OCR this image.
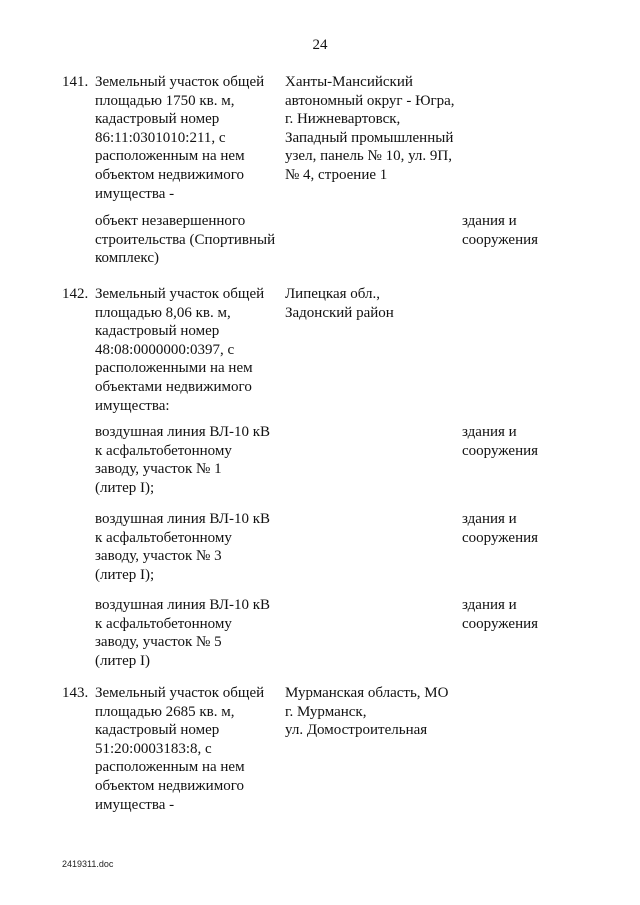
24
141. Земельный участок общей
площадью 1750 кв. м,
кадастровый номер
86:11:0301010:211, с
расположенным на нем
объектом недвижимого
имущества -
Ханты-Мансийский
автономный округ - Югра,
г. Нижневартовск,
Западный промышленный
узел, панель № 10, ул. 9П,
№ 4, строение 1
объект незавершенного
строительства (Спортивный
комплекс)
здания и
сооружения
142. Земельный участок общей
площадью 8,06 кв. м,
кадастровый номер
48:08:0000000:0397, с
расположенными на нем
объектами недвижимого
имущества:
Липецкая обл.,
Задонский район
воздушная линия ВЛ-10 кВ
к асфальтобетонному
заводу, участок № 1
(литер I);
здания и
сооружения
воздушная линия ВЛ-10 кВ
к асфальтобетонному
заводу, участок № 3
(литер I);
здания и
сооружения
воздушная линия ВЛ-10 кВ
к асфальтобетонному
заводу, участок № 5
(литер I)
здания и
сооружения
143. Земельный участок общей
площадью 2685 кв. м,
кадастровый номер
51:20:0003183:8, с
расположенным на нем
объектом недвижимого
имущества -
Мурманская область, МО
г. Мурманск,
ул. Домостроительная
2419311.doc
